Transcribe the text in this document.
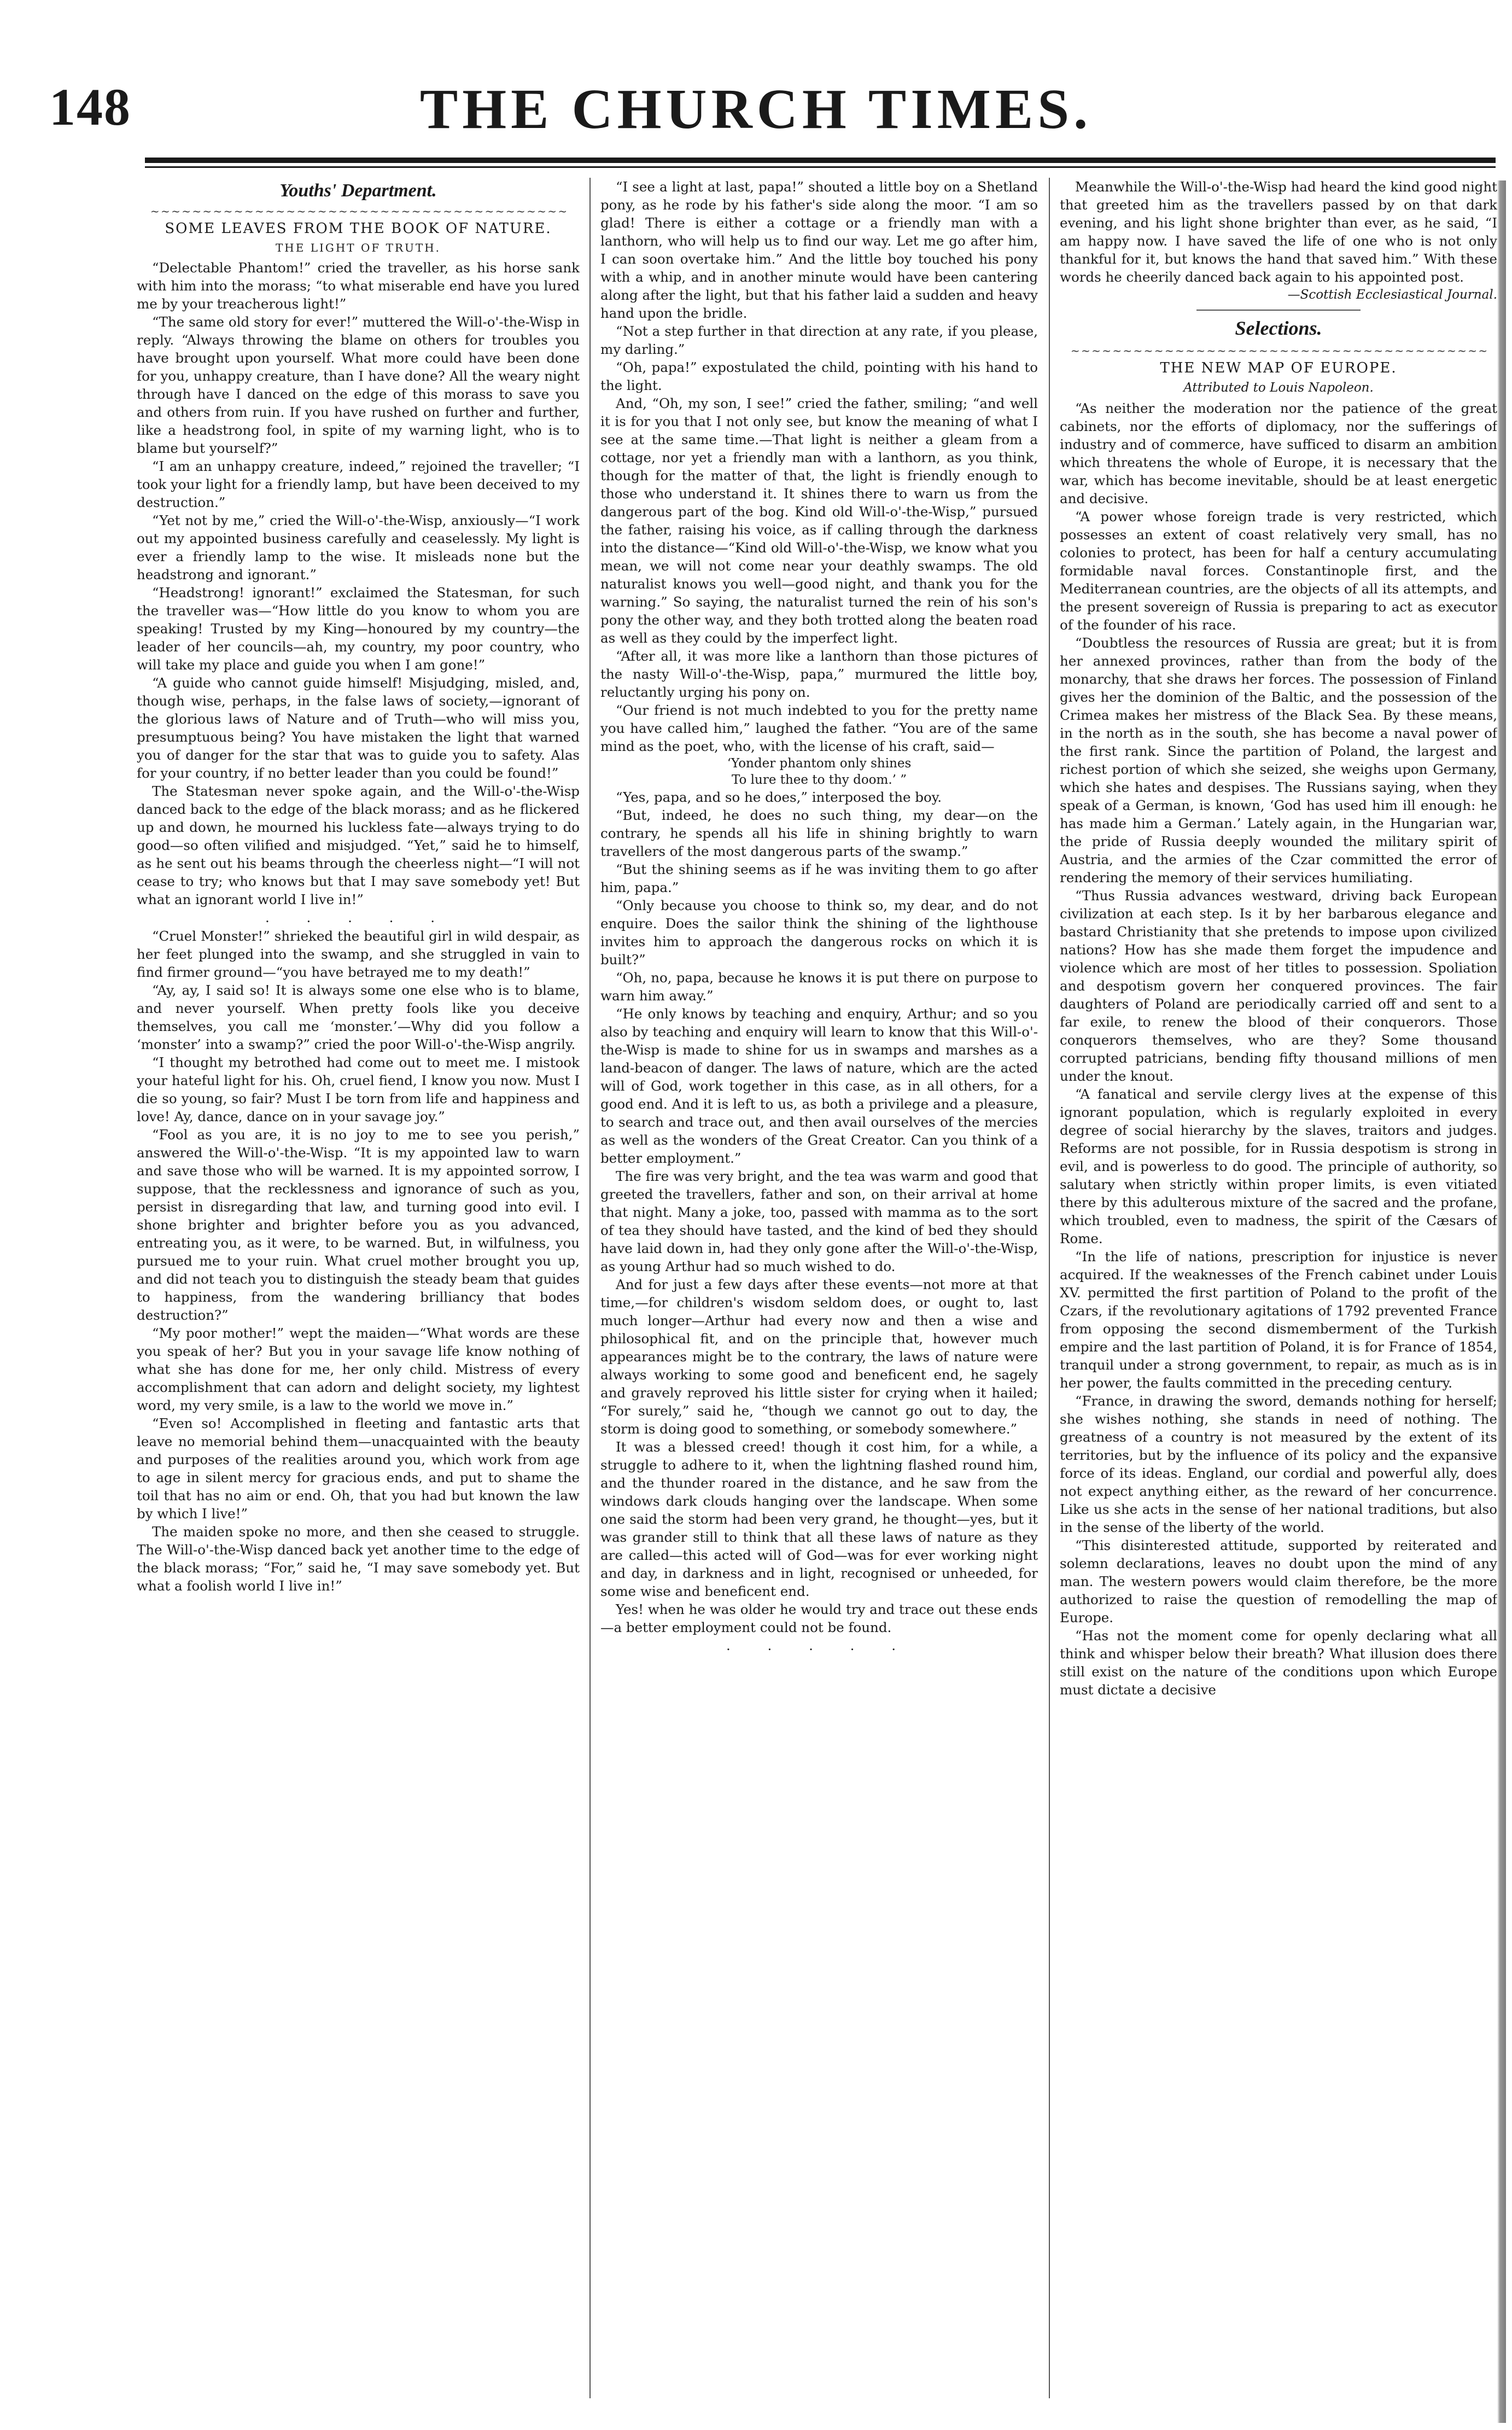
148	THE CHURCH TIMES.
Youths' Department.
~ ~ ~ ~ ~ ~ ~ ~ ~ ~ ~ ~ ~ ~ ~ ~ ~ ~ ~ ~ ~ ~ ~ ~ ~ ~ ~ ~ ~ ~ ~ ~ ~ ~ ~ ~ ~ ~ ~ ~
SOME LEAVES FROM THE BOOK OF NATURE.
THE LIGHT OF TRUTH.

“Delectable Phantom!” cried the traveller, as his horse sank with him into the morass; “to what miserable end have you lured me by your treacherous light!”

“The same old story for ever!” muttered the Will-o'-the-Wisp in reply. “Always throwing the blame on others for troubles you have brought upon yourself. What more could have been done for you, unhappy creature, than I have done? All the weary night through have I danced on the edge of this morass to save you and others from ruin. If you have rushed on further and further, like a headstrong fool, in spite of my warning light, who is to blame but yourself?”

“I am an unhappy creature, indeed,” rejoined the traveller; “I took your light for a friendly lamp, but have been deceived to my destruction.”

“Yet not by me,” cried the Will-o'-the-Wisp, anxiously—“I work out my appointed business carefully and ceaselessly. My light is ever a friendly lamp to the wise. It misleads none but the headstrong and ignorant.”

“Headstrong! ignorant!” exclaimed the Statesman, for such the traveller was—“How little do you know to whom you are speaking! Trusted by my King—honoured by my country—the leader of her councils—ah, my country, my poor country, who will take my place and guide you when I am gone!”

“A guide who cannot guide himself! Misjudging, misled, and, though wise, perhaps, in the false laws of society,—ignorant of the glorious laws of Nature and of Truth—who will miss you, presumptuous being? You have mistaken the light that warned you of danger for the star that was to guide you to safety. Alas for your country, if no better leader than you could be found!”

The Statesman never spoke again, and the Will-o'-the-Wisp danced back to the edge of the black morass; and as he flickered up and down, he mourned his luckless fate—always trying to do good—so often vilified and misjudged. “Yet,” said he to himself, as he sent out his beams through the cheerless night—“I will not cease to try; who knows but that I may save somebody yet! But what an ignorant world I live in!”

. . . . .

“Cruel Monster!” shrieked the beautiful girl in wild despair, as her feet plunged into the swamp, and she struggled in vain to find firmer ground—“you have betrayed me to my death!”

“Ay, ay, I said so! It is always some one else who is to blame, and never yourself. When pretty fools like you deceive themselves, you call me ‘monster.’—Why did you follow a ‘monster’ into a swamp?” cried the poor Will-o'-the-Wisp angrily.

“I thought my betrothed had come out to meet me. I mistook your hateful light for his. Oh, cruel fiend, I know you now. Must I die so young, so fair? Must I be torn from life and happiness and love! Ay, dance, dance on in your savage joy.”

“Fool as you are, it is no joy to me to see you perish,” answered the Will-o'-the-Wisp. “It is my appointed law to warn and save those who will be warned. It is my appointed sorrow, I suppose, that the recklessness and ignorance of such as you, persist in disregarding that law, and turning good into evil. I shone brighter and brighter before you as you advanced, entreating you, as it were, to be warned. But, in wilfulness, you pursued me to your ruin. What cruel mother brought you up, and did not teach you to distinguish the steady beam that guides to happiness, from the wandering brilliancy that bodes destruction?”

“My poor mother!” wept the maiden—“What words are these you speak of her? But you in your savage life know nothing of what she has done for me, her only child. Mistress of every accomplishment that can adorn and delight society, my lightest word, my very smile, is a law to the world we move in.”

“Even so! Accomplished in fleeting and fantastic arts that leave no memorial behind them—unacquainted with the beauty and purposes of the realities around you, which work from age to age in silent mercy for gracious ends, and put to shame the toil that has no aim or end. Oh, that you had but known the law by which I live!”

The maiden spoke no more, and then she ceased to struggle. The Will-o'-the-Wisp danced back yet another time to the edge of the black morass; “For,” said he, “I may save somebody yet. But what a foolish world I live in!”

“I see a light at last, papa!” shouted a little boy on a Shetland pony, as he rode by his father's side along the moor. “I am so glad! There is either a cottage or a friendly man with a lanthorn, who will help us to find our way. Let me go after him, I can soon overtake him.” And the little boy touched his pony with a whip, and in another minute would have been cantering along after the light, but that his father laid a sudden and heavy hand upon the bridle.

“Not a step further in that direction at any rate, if you please, my darling.”

“Oh, papa!” expostulated the child, pointing with his hand to the light.

And, “Oh, my son, I see!” cried the father, smiling; “and well it is for you that I not only see, but know the meaning of what I see at the same time.—That light is neither a gleam from a cottage, nor yet a friendly man with a lanthorn, as you think, though for the matter of that, the light is friendly enough to those who understand it. It shines there to warn us from the dangerous part of the bog. Kind old Will-o'-the-Wisp,” pursued the father, raising his voice, as if calling through the darkness into the distance—“Kind old Will-o'-the-Wisp, we know what you mean, we will not come near your deathly swamps. The old naturalist knows you well—good night, and thank you for the warning.” So saying, the naturalist turned the rein of his son's pony the other way, and they both trotted along the beaten road as well as they could by the imperfect light.

“After all, it was more like a lanthorn than those pictures of the nasty Will-o'-the-Wisp, papa,” murmured the little boy, reluctantly urging his pony on.

“Our friend is not much indebted to you for the pretty name you have called him,” laughed the father. “You are of the same mind as the poet, who, with the license of his craft, said—

‘Yonder phantom only shines

To lure thee to thy doom.’ ”

“Yes, papa, and so he does,” interposed the boy.

“But, indeed, he does no such thing, my dear—on the contrary, he spends all his life in shining brightly to warn travellers of the most dangerous parts of the swamp.”

“But the shining seems as if he was inviting them to go after him, papa.”

“Only because you choose to think so, my dear, and do not enquire. Does the sailor think the shining of the lighthouse invites him to approach the dangerous rocks on which it is built?”

“Oh, no, papa, because he knows it is put there on purpose to warn him away.”

“He only knows by teaching and enquiry, Arthur; and so you also by teaching and enquiry will learn to know that this Will-o'-the-Wisp is made to shine for us in swamps and marshes as a land-beacon of danger. The laws of nature, which are the acted will of God, work together in this case, as in all others, for a good end. And it is left to us, as both a privilege and a pleasure, to search and trace out, and then avail ourselves of the mercies as well as the wonders of the Great Creator. Can you think of a better employment.”

The fire was very bright, and the tea was warm and good that greeted the travellers, father and son, on their arrival at home that night. Many a joke, too, passed with mamma as to the sort of tea they should have tasted, and the kind of bed they should have laid down in, had they only gone after the Will-o'-the-Wisp, as young Arthur had so much wished to do.

And for just a few days after these events—not more at that time,—for children's wisdom seldom does, or ought to, last much longer—Arthur had every now and then a wise and philosophical fit, and on the principle that, however much appearances might be to the contrary, the laws of nature were always working to some good and beneficent end, he sagely and gravely reproved his little sister for crying when it hailed; “For surely,” said he, “though we cannot go out to day, the storm is doing good to something, or somebody somewhere.”

It was a blessed creed! though it cost him, for a while, a struggle to adhere to it, when the lightning flashed round him, and the thunder roared in the distance, and he saw from the windows dark clouds hanging over the landscape. When some one said the storm had been very grand, he thought—yes, but it was grander still to think that all these laws of nature as they are called—this acted will of God—was for ever working night and day, in darkness and in light, recognised or unheeded, for some wise and beneficent end.

Yes! when he was older he would try and trace out these ends—a better employment could not be found.

. . . . .

Meanwhile the Will-o'-the-Wisp had heard the kind good night that greeted him as the travellers passed by on that dark evening, and his light shone brighter than ever, as he said, “I am happy now. I have saved the life of one who is not only thankful for it, but knows the hand that saved him.” With these words he cheerily danced back again to his appointed post.

—Scottish Ecclesiastical Journal.

Selections.
~ ~ ~ ~ ~ ~ ~ ~ ~ ~ ~ ~ ~ ~ ~ ~ ~ ~ ~ ~ ~ ~ ~ ~ ~ ~ ~ ~ ~ ~ ~ ~ ~ ~ ~ ~ ~ ~ ~ ~
THE NEW MAP OF EUROPE.
Attributed to Louis Napoleon.

“As neither the moderation nor the patience of the great cabinets, nor the efforts of diplomacy, nor the sufferings of industry and of commerce, have sufficed to disarm an ambition which threatens the whole of Europe, it is necessary that the war, which has become inevitable, should be at least energetic and decisive.

“A power whose foreign trade is very restricted, which possesses an extent of coast relatively very small, has no colonies to protect, has been for half a century accumulating formidable naval forces. Constantinople first, and the Mediterranean countries, are the objects of all its attempts, and the present sovereign of Russia is preparing to act as executor of the founder of his race.

“Doubtless the resources of Russia are great; but it is from her annexed provinces, rather than from the body of the monarchy, that she draws her forces. The possession of Finland gives her the dominion of the Baltic, and the possession of the Crimea makes her mistress of the Black Sea. By these means, in the north as in the south, she has become a naval power of the first rank. Since the partition of Poland, the largest and richest portion of which she seized, she weighs upon Germany, which she hates and despises. The Russians saying, when they speak of a German, is known, ‘God has used him ill enough: he has made him a German.’ Lately again, in the Hungarian war, the pride of Russia deeply wounded the military spirit of Austria, and the armies of the Czar committed the error of rendering the memory of their services humiliating.

“Thus Russia advances westward, driving back European civilization at each step. Is it by her barbarous elegance and bastard Christianity that she pretends to impose upon civilized nations? How has she made them forget the impudence and violence which are most of her titles to possession. Spoliation and despotism govern her conquered provinces. The fair daughters of Poland are periodically carried off and sent to a far exile, to renew the blood of their conquerors. Those conquerors themselves, who are they? Some thousand corrupted patricians, bending fifty thousand millions of men under the knout.

“A fanatical and servile clergy lives at the expense of this ignorant population, which is regularly exploited in every degree of social hierarchy by the slaves, traitors and judges. Reforms are not possible, for in Russia despotism is strong in evil, and is powerless to do good. The principle of authority, so salutary when strictly within proper limits, is even vitiated there by this adulterous mixture of the sacred and the profane, which troubled, even to madness, the spirit of the Cæsars of Rome.

“In the life of nations, prescription for injustice is never acquired. If the weaknesses of the French cabinet under Louis XV. permitted the first partition of Poland to the profit of the Czars, if the revolutionary agitations of 1792 prevented France from opposing the second dismemberment of the Turkish empire and the last partition of Poland, it is for France of 1854, tranquil under a strong government, to repair, as much as is in her power, the faults committed in the preceding century.

“France, in drawing the sword, demands nothing for herself; she wishes nothing, she stands in need of nothing. The greatness of a country is not measured by the extent of its territories, but by the influence of its policy and the expansive force of its ideas. England, our cordial and powerful ally, does not expect anything either, as the reward of her concurrence. Like us she acts in the sense of her national traditions, but also in the sense of the liberty of the world.

“This disinterested attitude, supported by reiterated and solemn declarations, leaves no doubt upon the mind of any man. The western powers would claim therefore, be the more authorized to raise the question of remodelling the map of Europe.

“Has not the moment come for openly declaring what all think and whisper below their breath? What illusion does there still exist on the nature of the conditions upon which Europe must dictate a decisive
